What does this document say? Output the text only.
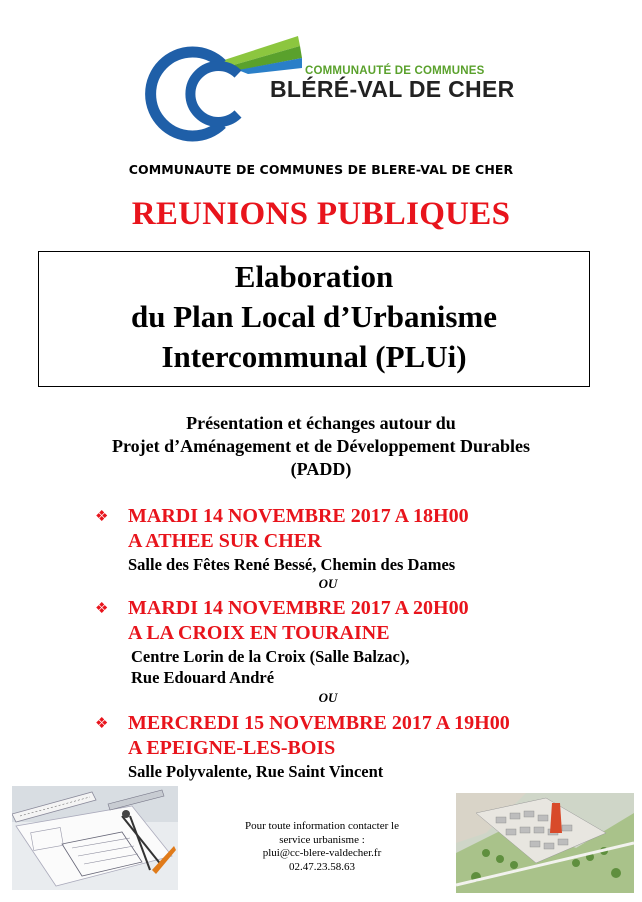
COMMUNAUTÉ DE COMMUNES
BLÉRÉ-VAL DE CHER
COMMUNAUTE DE COMMUNES DE BLERE-VAL DE CHER
REUNIONS PUBLIQUES
Elaboration
du Plan Local d’Urbanisme
Intercommunal (PLUi)
Présentation et échanges autour du
Projet d’Aménagement et de Développement Durables
(PADD)
❖ MARDI 14 NOVEMBRE 2017 A 18H00
A ATHEE SUR CHER
Salle des Fêtes René Bessé, Chemin des Dames
OU
❖ MARDI 14 NOVEMBRE 2017 A 20H00
A LA CROIX EN TOURAINE
Centre Lorin de la Croix (Salle Balzac),
Rue Edouard André
OU
❖ MERCREDI 15 NOVEMBRE 2017 A 19H00
A EPEIGNE-LES-BOIS
Salle Polyvalente, Rue Saint Vincent
Pour toute information contacter le
service urbanisme :
plui@cc-blere-valdecher.fr
02.47.23.58.63
